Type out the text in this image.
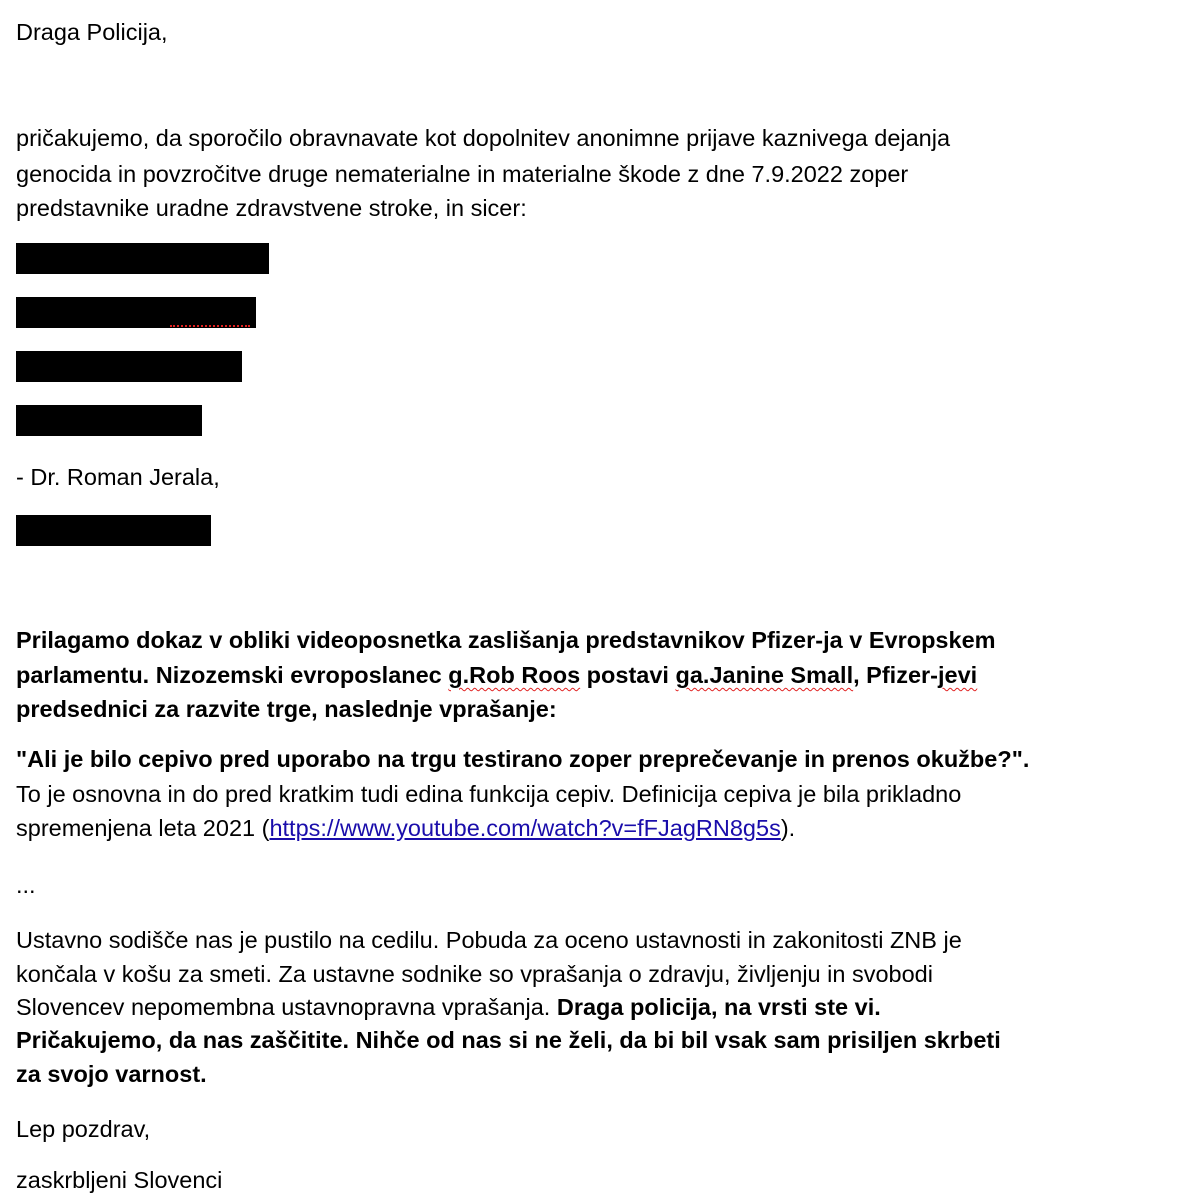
Draga Policija,
pričakujemo, da sporočilo obravnavate kot dopolnitev anonimne prijave kaznivega dejanja
genocida in povzročitve druge nematerialne in materialne škode z dne 7.9.2022 zoper
predstavnike uradne zdravstvene stroke, in sicer:
- Dr. Roman Jerala,
Prilagamo dokaz v obliki videoposnetka zaslišanja predstavnikov Pfizer-ja v Evropskem
parlamentu. Nizozemski evroposlanec g.Rob Roos postavi ga.Janine Small, Pfizer-jevi
predsednici za razvite trge, naslednje vprašanje:
"Ali je bilo cepivo pred uporabo na trgu testirano zoper preprečevanje in prenos okužbe?".
To je osnovna in do pred kratkim tudi edina funkcija cepiv. Definicija cepiva je bila prikladno
spremenjena leta 2021 (https://www.youtube.com/watch?v=fFJagRN8g5s).
...
Ustavno sodišče nas je pustilo na cedilu. Pobuda za oceno ustavnosti in zakonitosti ZNB je
končala v košu za smeti. Za ustavne sodnike so vprašanja o zdravju, življenju in svobodi
Slovencev nepomembna ustavnopravna vprašanja. Draga policija, na vrsti ste vi.
Pričakujemo, da nas zaščitite. Nihče od nas si ne želi, da bi bil vsak sam prisiljen skrbeti
za svojo varnost.
Lep pozdrav,
zaskrbljeni Slovenci
